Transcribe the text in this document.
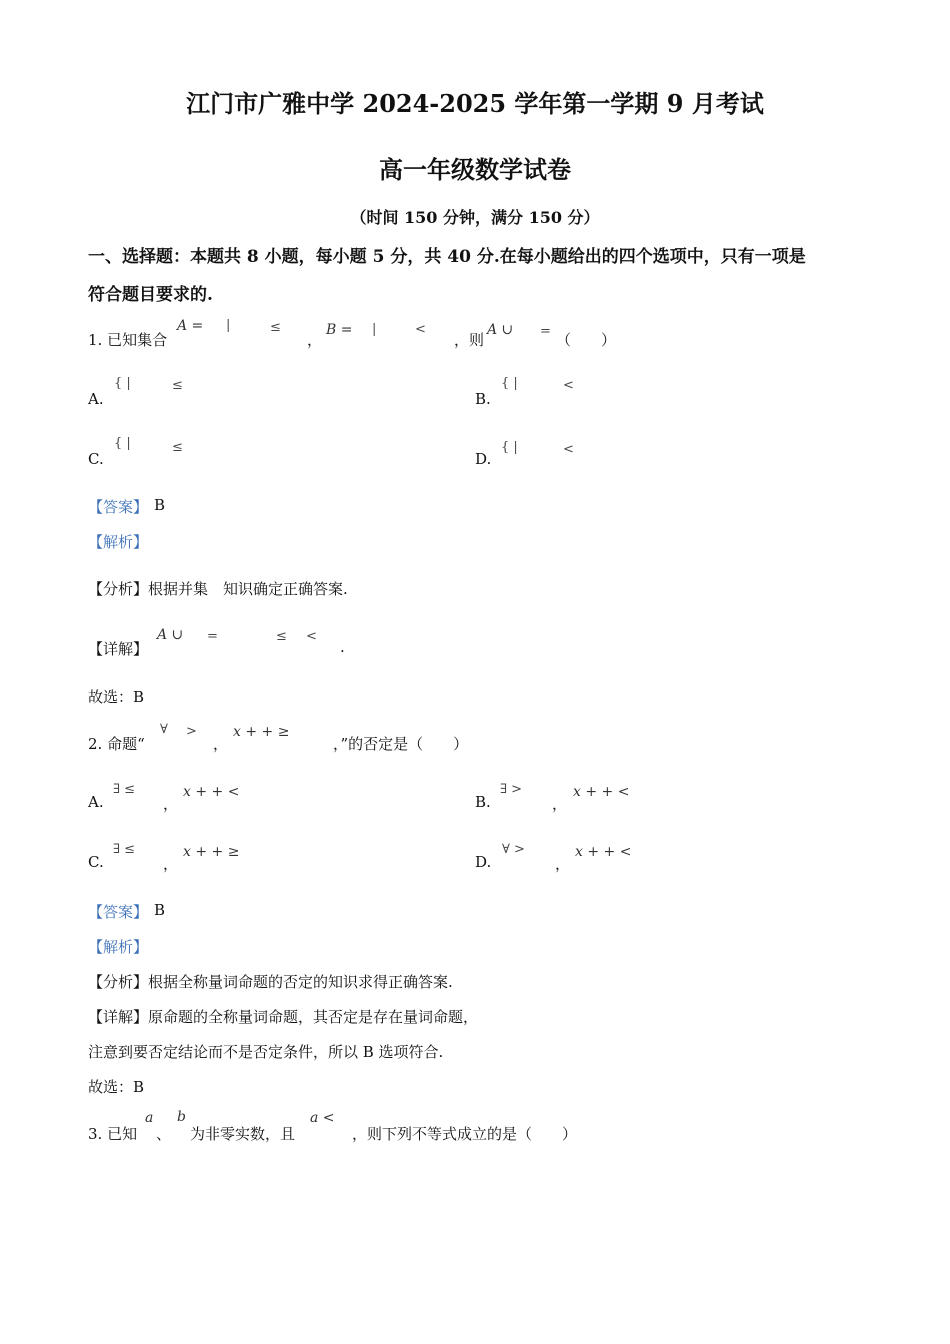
江门市广雅中学 2024-2025 学年第一学期 9 月考试
高一年级数学试卷
（时间 150 分钟，满分 150 分）
一、选择题：本题共 8 小题，每小题 5 分，共 40 分.在每小题给出的四个选项中，只有一项是
符合题目要求的.
1. 已知集合
A = |	≤
，
B = |	<
，则
A ∪ = （　　）
A.
{ |	≤
B.
{ |	<
C.
{ |	≤
D.
{ |	<
【答案】 B
【解析】
【分析】根据并集　知识确定正确答案.
【详解】
A ∪ =	≤ <
.
故选：B
2. 命题“
∀ >
，
x + + ≥
，”的否定是（　　）
A.
∃ ≤
，
x + + <
B.
∃ >
，
x + + <
C.
∃ ≤
，
x + + ≥
D.
∀ >
，
x + + <
【答案】 B
【解析】
【分析】根据全称量词命题的否定的知识求得正确答案.
【详解】原命题的全称量词命题，其否定是存在量词命题，
注意到要否定结论而不是否定条件，所以 B 选项符合.
故选：B
3. 已知
a
、
b
为非零实数，且
a <
，则下列不等式成立的是（　　）
